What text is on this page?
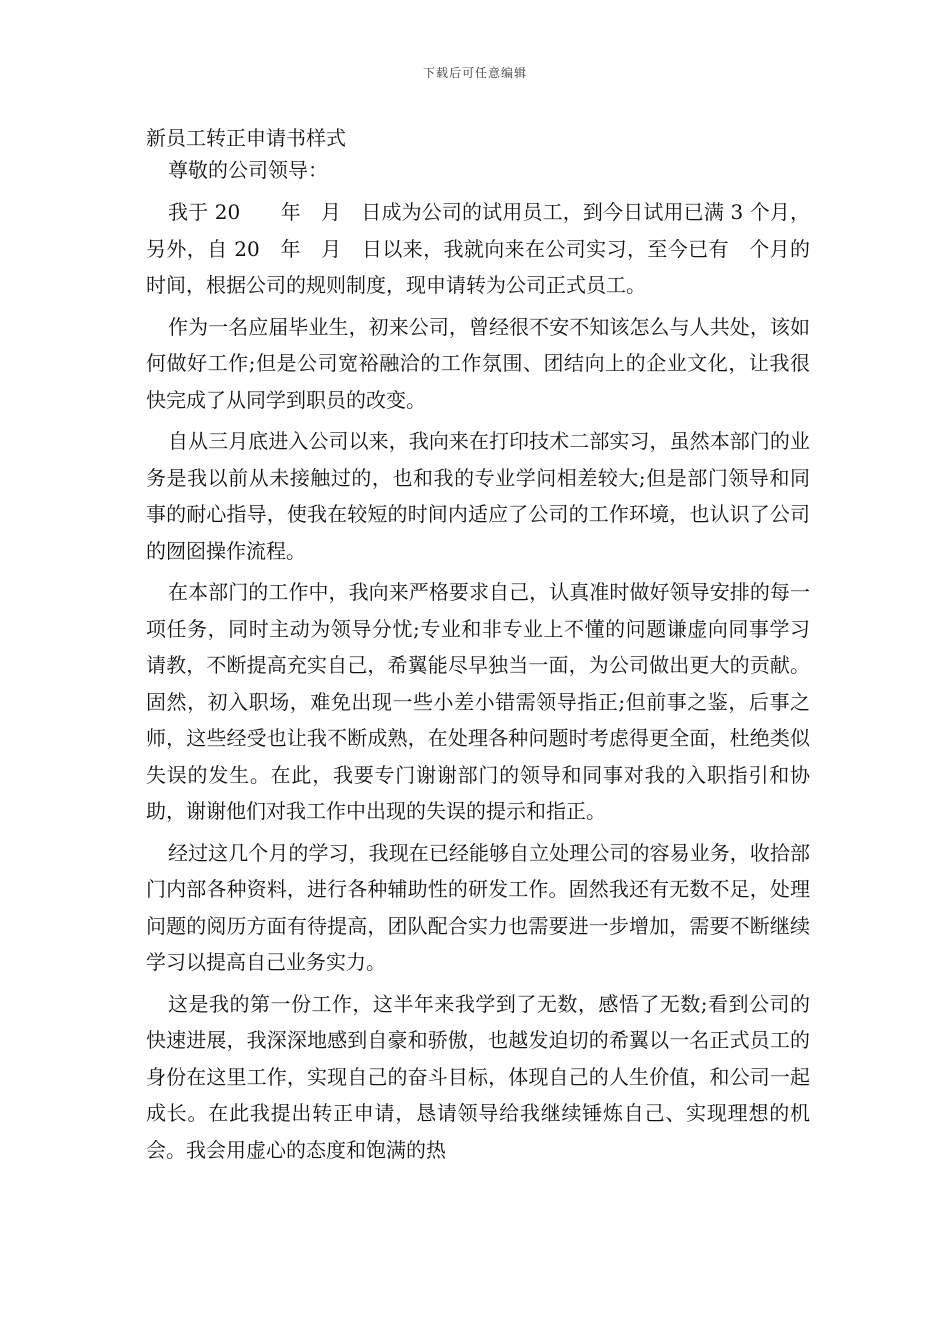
下载后可任意编辑
新员工转正申请书样式

尊敬的公司领导：

我于 20　　年　月　日成为公司的试用员工，到今日试用已满 3 个月，另外，自 20　年　月　日以来，我就向来在公司实习，至今已有　个月的时间，根据公司的规则制度，现申请转为公司正式员工。

作为一名应届毕业生，初来公司，曾经很不安不知该怎么与人共处，该如何做好工作;但是公司宽裕融洽的工作氛围、团结向上的企业文化，让我很快完成了从同学到职员的改变。

自从三月底进入公司以来，我向来在打印技术二部实习，虽然本部门的业务是我以前从未接触过的，也和我的专业学问相差较大;但是部门领导和同事的耐心指导，使我在较短的时间内适应了公司的工作环境，也认识了公司的囫囵操作流程。

在本部门的工作中，我向来严格要求自己，认真准时做好领导安排的每一项任务，同时主动为领导分忧;专业和非专业上不懂的问题谦虚向同事学习请教，不断提高充实自己，希翼能尽早独当一面，为公司做出更大的贡献。固然，初入职场，难免出现一些小差小错需领导指正;但前事之鉴，后事之师，这些经受也让我不断成熟，在处理各种问题时考虑得更全面，杜绝类似失误的发生。在此，我要专门谢谢部门的领导和同事对我的入职指引和协助，谢谢他们对我工作中出现的失误的提示和指正。

经过这几个月的学习，我现在已经能够自立处理公司的容易业务，收拾部门内部各种资料，进行各种辅助性的研发工作。固然我还有无数不足，处理问题的阅历方面有待提高，团队配合实力也需要进一步增加，需要不断继续学习以提高自己业务实力。

这是我的第一份工作，这半年来我学到了无数，感悟了无数;看到公司的快速进展，我深深地感到自豪和骄傲，也越发迫切的希翼以一名正式员工的身份在这里工作，实现自己的奋斗目标，体现自己的人生价值，和公司一起成长。在此我提出转正申请，恳请领导给我继续锤炼自己、实现理想的机会。我会用虚心的态度和饱满的热
